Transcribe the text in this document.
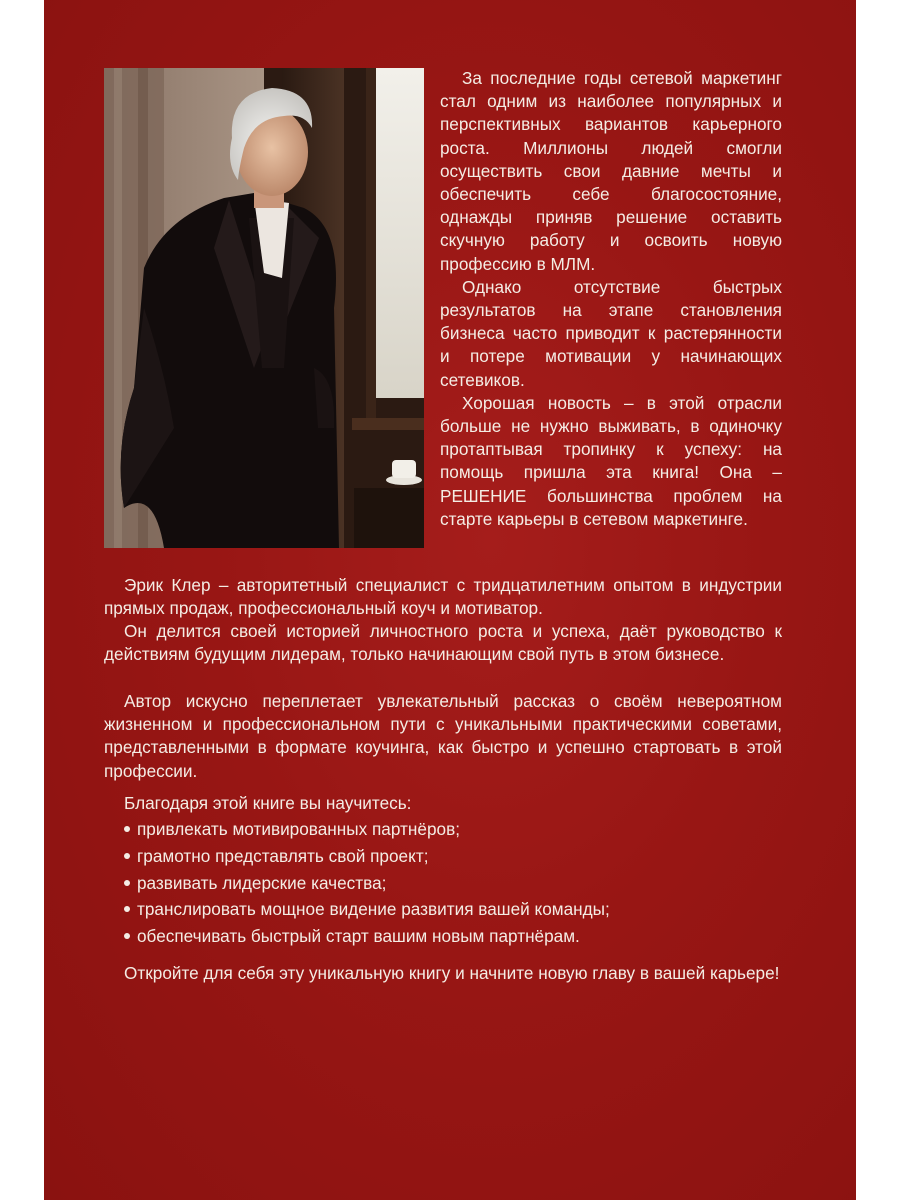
За последние годы сетевой маркетинг стал одним из наиболее популярных и перспективных вариантов карьерного роста. Миллионы людей смогли осуществить свои давние мечты и обеспечить себе благосостояние, однажды приняв решение оставить скучную работу и освоить новую профессию в МЛМ.

Однако отсутствие быстрых результатов на этапе становления бизнеса часто приводит к растерянности и потере мотивации у начинающих сетевиков.

Хорошая новость – в этой отрасли больше не нужно выживать, в одиночку протаптывая тропинку к успеху: на помощь пришла эта книга! Она – РЕШЕНИЕ большинства проблем на старте карьеры в сетевом маркетинге.

Эрик Клер – авторитетный специалист с тридцатилетним опытом в индустрии прямых продаж, профессиональный коуч и мотиватор.

Он делится своей историей личностного роста и успеха, даёт руководство к действиям будущим лидерам, только начинающим свой путь в этом бизнесе.

Автор искусно переплетает увлекательный рассказ о своём невероятном жизненном и профессиональном пути с уникальными практическими советами, представленными в формате коучинга, как быстро и успешно стартовать в этой профессии.

Благодаря этой книге вы научитесь:

привлекать мотивированных партнёров;
грамотно представлять свой проект;
развивать лидерские качества;
транслировать мощное видение развития вашей команды;
обеспечивать быстрый старт вашим новым партнёрам.

Откройте для себя эту уникальную книгу и начните новую главу в вашей карьере!
